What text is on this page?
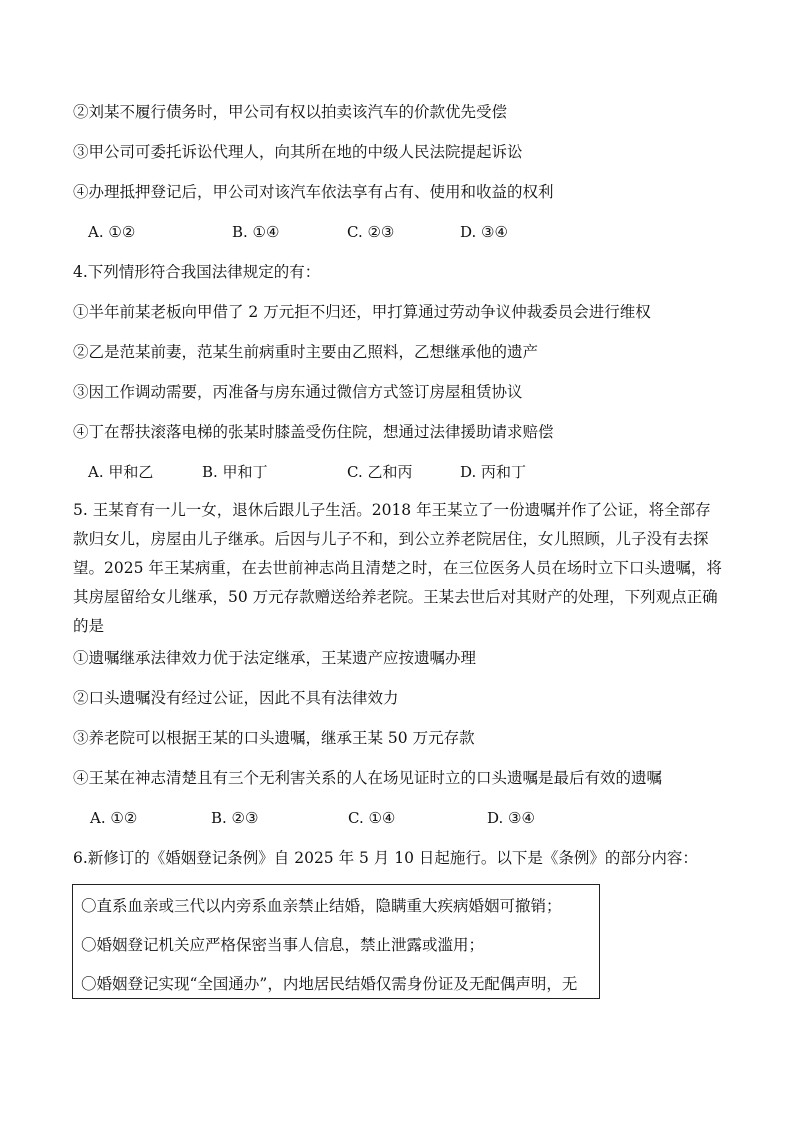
②刘某不履行债务时，甲公司有权以拍卖该汽车的价款优先受偿
③甲公司可委托诉讼代理人，向其所在地的中级人民法院提起诉讼
④办理抵押登记后，甲公司对该汽车依法享有占有、使用和收益的权利
A. ①②	B. ①④	C. ②③	D. ③④
4.下列情形符合我国法律规定的有：
①半年前某老板向甲借了 2 万元拒不归还，甲打算通过劳动争议仲裁委员会进行维权
②乙是范某前妻，范某生前病重时主要由乙照料，乙想继承他的遗产
③因工作调动需要，丙准备与房东通过微信方式签订房屋租赁协议
④丁在帮扶滚落电梯的张某时膝盖受伤住院，想通过法律援助请求赔偿
A. 甲和乙	B. 甲和丁	C. 乙和丙	D. 丙和丁
5. 王某育有一儿一女，退休后跟儿子生活。2018 年王某立了一份遗嘱并作了公证，将全部存款归女儿，房屋由儿子继承。后因与儿子不和，到公立养老院居住，女儿照顾，儿子没有去探望。2025 年王某病重，在去世前神志尚且清楚之时，在三位医务人员在场时立下口头遗嘱，将其房屋留给女儿继承，50 万元存款赠送给养老院。王某去世后对其财产的处理，下列观点正确的是
①遗嘱继承法律效力优于法定继承，王某遗产应按遗嘱办理
②口头遗嘱没有经过公证，因此不具有法律效力
③养老院可以根据王某的口头遗嘱，继承王某 50 万元存款
④王某在神志清楚且有三个无利害关系的人在场见证时立的口头遗嘱是最后有效的遗嘱
A. ①②	B. ②③	C. ①④	D. ③④
6.新修订的《婚姻登记条例》自 2025 年 5 月 10 日起施行。以下是《条例》的部分内容：
〇直系血亲或三代以内旁系血亲禁止结婚，隐瞒重大疾病婚姻可撤销；
〇婚姻登记机关应严格保密当事人信息，禁止泄露或滥用；
〇婚姻登记实现“全国通办”，内地居民结婚仅需身份证及无配偶声明，无
